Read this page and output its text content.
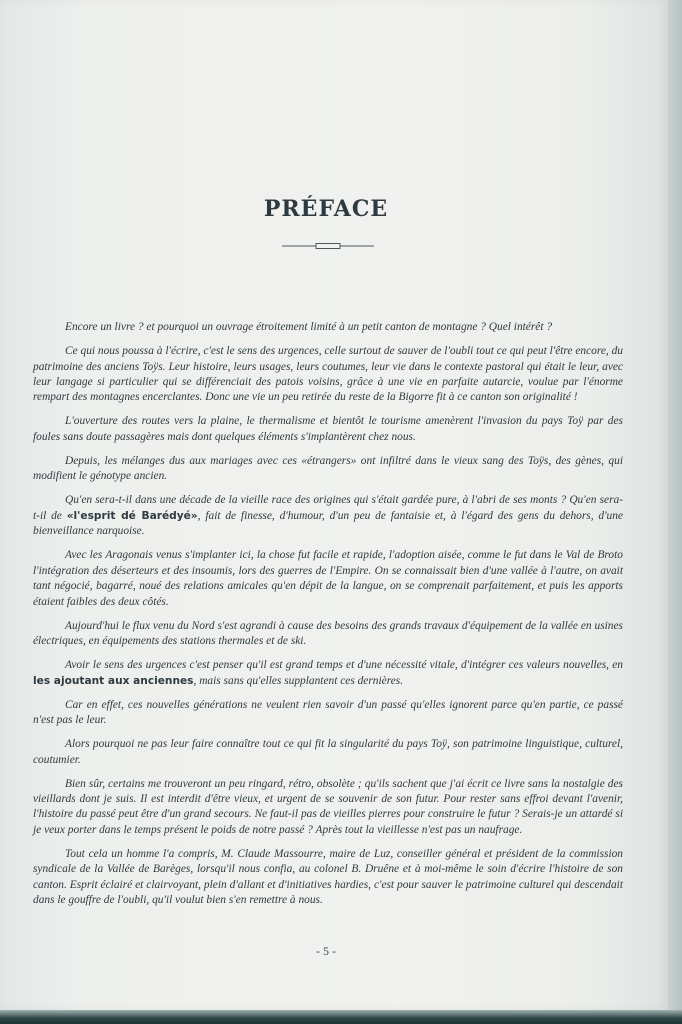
PRÉFACE

Encore un livre ? et pourquoi un ouvrage étroitement limité à un petit canton de montagne ? Quel intérêt ?

Ce qui nous poussa à l'écrire, c'est le sens des urgences, celle surtout de sauver de l'oubli tout ce qui peut l'être encore, du patrimoine des anciens Toÿs. Leur histoire, leurs usages, leurs coutumes, leur vie dans le contexte pastoral qui était le leur, avec leur langage si particulier qui se différenciait des patois voisins, grâce à une vie en parfaite autarcie, voulue par l'énorme rempart des montagnes encerclantes. Donc une vie un peu retirée du reste de la Bigorre fit à ce canton son originalité !

L'ouverture des routes vers la plaine, le thermalisme et bientôt le tourisme amenèrent l'invasion du pays Toÿ par des foules sans doute passagères mais dont quelques éléments s'implantèrent chez nous.

Depuis, les mélanges dus aux mariages avec ces «étrangers» ont infiltré dans le vieux sang des Toÿs, des gènes, qui modifient le génotype ancien.

Qu'en sera-t-il dans une décade de la vieille race des origines qui s'était gardée pure, à l'abri de ses monts ? Qu'en sera-t-il de «l'esprit dé Barédyé», fait de finesse, d'humour, d'un peu de fantaisie et, à l'égard des gens du dehors, d'une bienveillance narquoise.

Avec les Aragonais venus s'implanter ici, la chose fut facile et rapide, l'adoption aisée, comme le fut dans le Val de Broto l'intégration des déserteurs et des insoumis, lors des guerres de l'Empire. On se connaissait bien d'une vallée à l'autre, on avait tant négocié, bagarré, noué des relations amicales qu'en dépit de la langue, on se comprenait parfaitement, et puis les apports étaient faibles des deux côtés.

Aujourd'hui le flux venu du Nord s'est agrandi à cause des besoins des grands travaux d'équipement de la vallée en usines électriques, en équipements des stations thermales et de ski.

Avoir le sens des urgences c'est penser qu'il est grand temps et d'une nécessité vitale, d'intégrer ces valeurs nouvelles, en les ajoutant aux anciennes, mais sans qu'elles supplantent ces dernières.

Car en effet, ces nouvelles générations ne veulent rien savoir d'un passé qu'elles ignorent parce qu'en partie, ce passé n'est pas le leur.

Alors pourquoi ne pas leur faire connaître tout ce qui fit la singularité du pays Toÿ, son patrimoine linguistique, culturel, coutumier.

Bien sûr, certains me trouveront un peu ringard, rétro, obsolète ; qu'ils sachent que j'ai écrit ce livre sans la nostalgie des vieillards dont je suis. Il est interdit d'être vieux, et urgent de se souvenir de son futur. Pour rester sans effroi devant l'avenir, l'histoire du passé peut être d'un grand secours. Ne faut-il pas de vieilles pierres pour construire le futur ? Serais-je un attardé si je veux porter dans le temps présent le poids de notre passé ? Après tout la vieillesse n'est pas un naufrage.

Tout cela un homme l'a compris, M. Claude Massourre, maire de Luz, conseiller général et président de la commission syndicale de la Vallée de Barèges, lorsqu'il nous confia, au colonel B. Druêne et à moi-même le soin d'écrire l'histoire de son canton. Esprit éclairé et clairvoyant, plein d'allant et d'initiatives hardies, c'est pour sauver le patrimoine culturel qui descendait dans le gouffre de l'oubli, qu'il voulut bien s'en remettre à nous.

- 5 -
